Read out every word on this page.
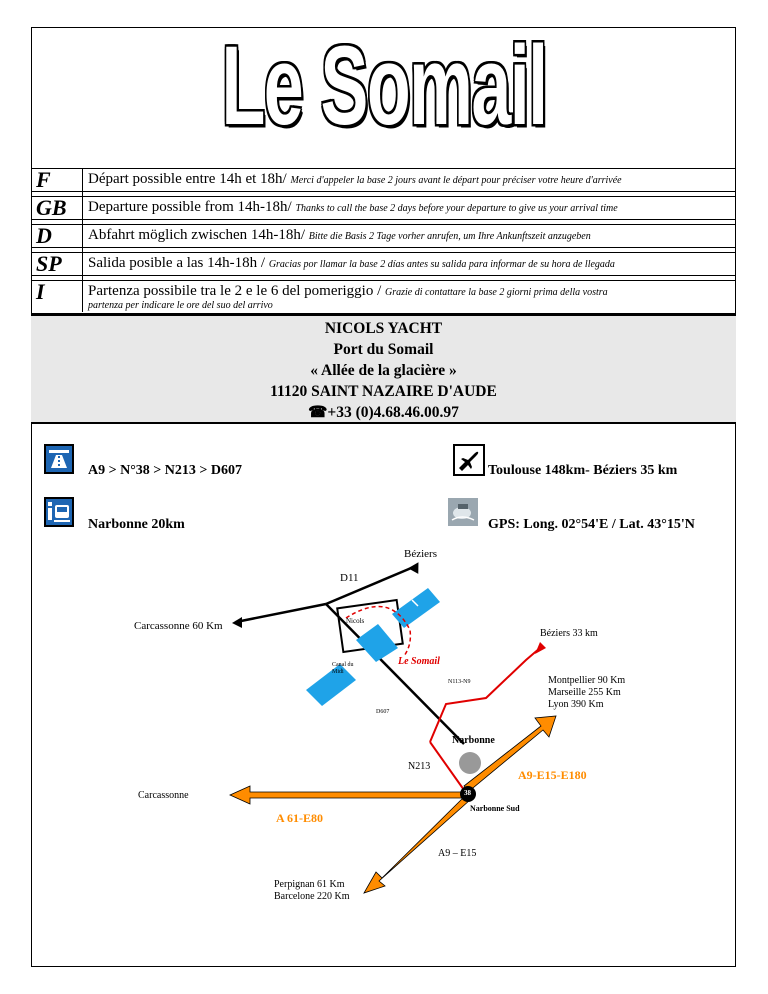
Le Somail
F Départ possible entre 14h et 18h/ Merci d'appeler la base 2 jours avant le départ pour préciser votre heure d'arrivée
GB Departure possible from 14h-18h/ Thanks to call the base 2 days before your departure to give us your arrival time
D Abfahrt möglich zwischen 14h-18h/ Bitte die Basis 2 Tage vorher anrufen, um Ihre Ankunftszeit anzugeben
SP Salida posible a las 14h-18h / Gracias por llamar la base 2 días antes su salida para informar de su hora de llegada
I	Partenza possibile tra le 2 e le 6 del pomeriggio / Grazie di contattare la base 2 giorni prima della vostra
partenza per indicare le ore del suo del arrivo
NICOLS YACHT
Port du Somail
« Allée de la glacière »
11120 SAINT NAZAIRE D'AUDE
☎+33 (0)4.68.46.00.97
A9 > N°38 > N213 > D607	Toulouse 148km- Béziers 35 km
Narbonne 20km	GPS: Long. 02°54'E / Lat. 43°15'N
Béziers
D11
Carcassonne 60 Km	Nicols
Béziers 33 km
Canal du Midi
Le Somail
N113-N9	Montpellier 90 Km
Marseille 255 Km
Lyon 390 Km
D607
Narbonne
N213
A9-E15-E180
Carcassonne	38
Narbonne Sud
A 61-E80
A9 – E15
Perpignan 61 Km
Barcelone 220 Km
